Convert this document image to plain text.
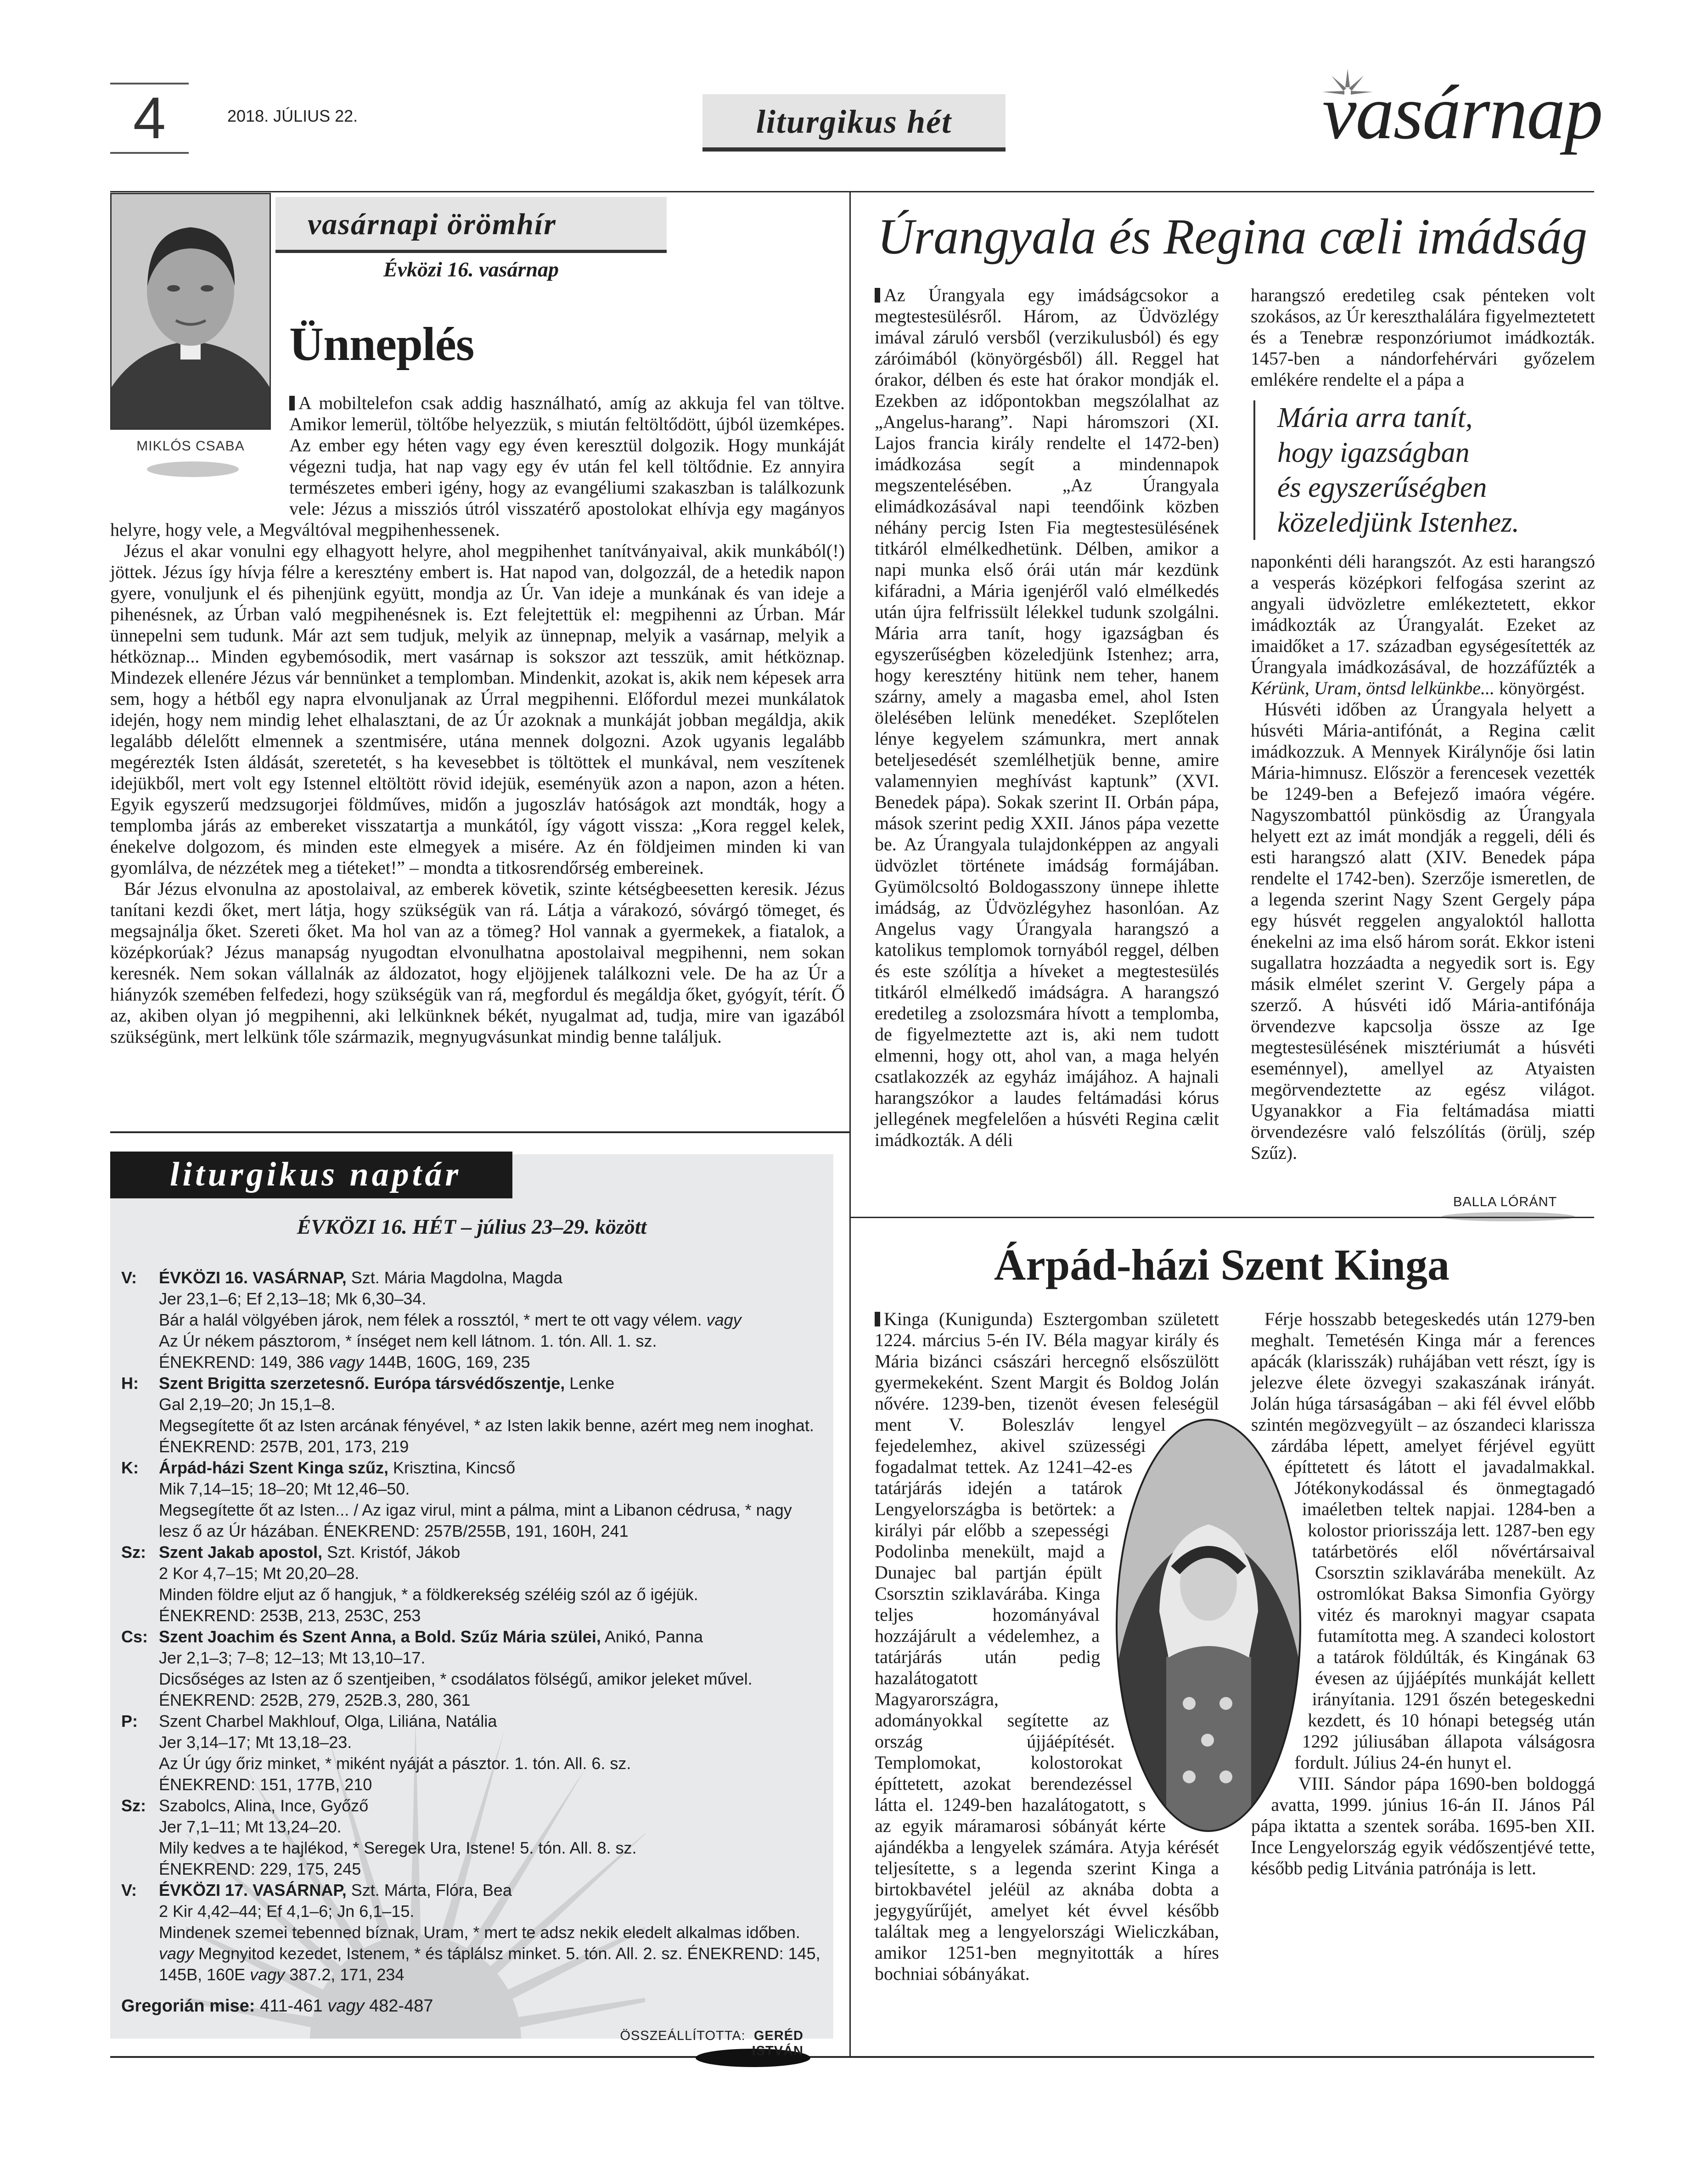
4	2018. JÚLIUS 22.	liturgikus hét	vasárnap
MIKLÓS CSABA
vasárnapi örömhír
Évközi 16. vasárnap
Ünneplés

A mobiltelefon csak addig használható, amíg az akkuja fel van töltve. Amikor lemerül, töltőbe helyezzük, s miután feltöltődött, újból üzemképes. Az ember egy héten vagy egy éven keresztül dolgozik. Hogy munkáját végezni tudja, hat nap vagy egy év után fel kell töltődnie. Ez annyira természetes emberi igény, hogy az evangéliumi szakaszban is találkozunk vele: Jézus a missziós útról visszatérő apostolokat elhívja egy magányos helyre, hogy vele, a Megváltóval megpihenhessenek.

Jézus el akar vonulni egy elhagyott helyre, ahol megpihenhet tanítványaival, akik munkából(!) jöttek. Jézus így hívja félre a keresztény embert is. Hat napod van, dolgozzál, de a hetedik napon gyere, vonuljunk el és pihenjünk együtt, mondja az Úr. Van ideje a munkának és van ideje a pihenésnek, az Úrban való megpihenésnek is. Ezt felejtettük el: megpihenni az Úrban. Már ünnepelni sem tudunk. Már azt sem tudjuk, melyik az ünnepnap, melyik a vasárnap, melyik a hétköznap... Minden egybemósodik, mert vasárnap is sokszor azt tesszük, amit hétköznap. Mindezek ellenére Jézus vár bennünket a templomban. Mindenkit, azokat is, akik nem képesek arra sem, hogy a hétből egy napra elvonuljanak az Úrral megpihenni. Előfordul mezei munkálatok idején, hogy nem mindig lehet elhalasztani, de az Úr azoknak a munkáját jobban megáldja, akik legalább délelőtt elmennek a szentmisére, utána mennek dolgozni. Azok ugyanis legalább megérezték Isten áldását, szeretetét, s ha kevesebbet is töltöttek el munkával, nem veszítenek idejükből, mert volt egy Istennel eltöltött rövid idejük, eseményük azon a napon, azon a héten. Egyik egyszerű medzsugorjei földműves, midőn a jugoszláv hatóságok azt mondták, hogy a templomba járás az embereket visszatartja a munkától, így vágott vissza: „Kora reggel kelek, énekelve dolgozom, és minden este elmegyek a misére. Az én földjeimen minden ki van gyomlálva, de nézzétek meg a tiéteket!” – mondta a titkosrendőrség embereinek.

Bár Jézus elvonulna az apostolaival, az emberek követik, szinte kétségbeesetten keresik. Jézus tanítani kezdi őket, mert látja, hogy szükségük van rá. Látja a várakozó, sóvárgó tömeget, és megsajnálja őket. Szereti őket. Ma hol van az a tömeg? Hol vannak a gyermekek, a fiatalok, a középkorúak? Jézus manapság nyugodtan elvonulhatna apostolaival megpihenni, nem sokan keresnék. Nem sokan vállalnák az áldozatot, hogy eljöjjenek találkozni vele. De ha az Úr a hiányzók szemében felfedezi, hogy szükségük van rá, megfordul és megáldja őket, gyógyít, térít. Ő az, akiben olyan jó megpihenni, aki lelkünknek békét, nyugalmat ad, tudja, mire van igazából szükségünk, mert lelkünk tőle származik, megnyugvásunkat mindig benne találjuk.

liturgikus naptár
ÉVKÖZI 16. HÉT – július 23–29. között
V:	ÉVKÖZI 16. VASÁRNAP, Szt. Mária Magdolna, Magda
Jer 23,1–6; Ef 2,13–18; Mk 6,30–34.
Bár a halál völgyében járok, nem félek a rossztól, * mert te ott vagy vélem. vagy
Az Úr nékem pásztorom, * ínséget nem kell látnom. 1. tón. All. 1. sz.
ÉNEKREND: 149, 386 vagy 144B, 160G, 169, 235
H:	Szent Brigitta szerzetesnő. Európa társvédőszentje, Lenke
Gal 2,19–20; Jn 15,1–8.
Megsegítette őt az Isten arcának fényével, * az Isten lakik benne, azért meg nem inoghat. ÉNEKREND: 257B, 201, 173, 219
K:	Árpád-házi Szent Kinga szűz, Krisztina, Kincső
Mik 7,14–15; 18–20; Mt 12,46–50.
Megsegítette őt az Isten... / Az igaz virul, mint a pálma, mint a Libanon cédrusa, * nagy lesz ő az Úr házában. ÉNEKREND: 257B/255B, 191, 160H, 241
Sz: Szent Jakab apostol, Szt. Kristóf, Jákob
2 Kor 4,7–15; Mt 20,20–28.
Minden földre eljut az ő hangjuk, * a földkerekség széléig szól az ő igéjük.
ÉNEKREND: 253B, 213, 253C, 253
Cs: Szent Joachim és Szent Anna, a Bold. Szűz Mária szülei, Anikó, Panna
Jer 2,1–3; 7–8; 12–13; Mt 13,10–17.
Dicsőséges az Isten az ő szentjeiben, * csodálatos fölségű, amikor jeleket művel. ÉNEKREND: 252B, 279, 252B.3, 280, 361
P:	Szent Charbel Makhlouf, Olga, Liliána, Natália
Jer 3,14–17; Mt 13,18–23.
Az Úr úgy őriz minket, * miként nyáját a pásztor. 1. tón. All. 6. sz.
ÉNEKREND: 151, 177B, 210
Sz: Szabolcs, Alina, Ince, Győző
Jer 7,1–11; Mt 13,24–20.
Mily kedves a te hajlékod, * Seregek Ura, Istene! 5. tón. All. 8. sz.
ÉNEKREND: 229, 175, 245
V:	ÉVKÖZI 17. VASÁRNAP, Szt. Márta, Flóra, Bea
2 Kir 4,42–44; Ef 4,1–6; Jn 6,1–15.
Mindenek szemei tebenned bíznak, Uram, * mert te adsz nekik eledelt alkalmas időben. vagy Megnyitod kezedet, Istenem, * és táplálsz minket. 5. tón. All. 2. sz. ÉNEKREND: 145, 145B, 160E vagy 387.2, 171, 234
Gregorián mise: 411-461 vagy 482-487
ÖSSZEÁLLÍTOTTA: GERÉD ISTVÁN
Úrangyala és Regina cæli imádság

Az Úrangyala egy imádságcsokor a megtestesülésről. Három, az Üdvözlégy imával záruló versből (verzikulusból) és egy záróimából (könyörgésből) áll. Reggel hat órakor, délben és este hat órakor mondják el. Ezekben az időpontokban megszólalhat az „Angelus-harang”. Napi háromszori (XI. Lajos francia király rendelte el 1472-ben) imádkozása segít a mindennapok megszentelésében. „Az Úrangyala elimádkozásával napi teendőink közben néhány percig Isten Fia megtestesülésének titkáról elmélkedhetünk. Délben, amikor a napi munka első órái után már kezdünk kifáradni, a Mária igenjéről való elmélkedés után újra felfrissült lélekkel tudunk szolgálni. Mária arra tanít, hogy igazságban és egyszerűségben közeledjünk Istenhez; arra, hogy keresztény hitünk nem teher, hanem szárny, amely a magasba emel, ahol Isten ölelésében lelünk menedéket. Szeplőtelen lénye kegyelem számunkra, mert annak beteljesedését szemlélhetjük benne, amire valamennyien meghívást kaptunk” (XVI. Benedek pápa). Sokak szerint II. Orbán pápa, mások szerint pedig XXII. János pápa vezette be. Az Úrangyala tulajdonképpen az angyali üdvözlet története imádság formájában. Gyümölcsoltó Boldogasszony ünnepe ihlette imádság, az Üdvözlégyhez hasonlóan. Az Angelus vagy Úrangyala harangszó a katolikus templomok tornyából reggel, délben és este szólítja a híveket a megtestesülés titkáról elmélkedő imádságra. A harangszó eredetileg a zsolozsmára hívott a templomba, de figyelmeztette azt is, aki nem tudott elmenni, hogy ott, ahol van, a maga helyén csatlakozzék az egyház imájához. A hajnali harangszókor a laudes feltámadási kórus jellegének megfelelően a húsvéti Regina cælit imádkozták. A déli

harangszó eredetileg csak pénteken volt szokásos, az Úr kereszthalálára figyelmeztetett és a Tenebræ responzóriumot imádkozták. 1457-ben a nándorfehérvári győzelem emlékére rendelte el a pápa a

Mária arra tanít,
hogy igazságban
és egyszerűségben
közeledjünk Istenhez.

naponkénti déli harangszót. Az esti harangszó a vesperás középkori felfogása szerint az angyali üdvözletre emlékeztetett, ekkor imádkozták az Úrangyalát. Ezeket az imaidőket a 17. században egységesítették az Úrangyala imádkozásával, de hozzáfűzték a Kérünk, Uram, öntsd lelkünkbe... könyörgést.

Húsvéti időben az Úrangyala helyett a húsvéti Mária-antifónát, a Regina cælit imádkozzuk. A Mennyek Királynője ősi latin Mária-himnusz. Először a ferencesek vezették be 1249-ben a Befejező imaóra végére. Nagyszombattól pünkösdig az Úrangyala helyett ezt az imát mondják a reggeli, déli és esti harangszó alatt (XIV. Benedek pápa rendelte el 1742-ben). Szerzője ismeretlen, de a legenda szerint Nagy Szent Gergely pápa egy húsvét reggelen angyaloktól hallotta énekelni az ima első három sorát. Ekkor isteni sugallatra hozzáadta a negyedik sort is. Egy másik elmélet szerint V. Gergely pápa a szerző. A húsvéti idő Mária-antifónája örvendezve kapcsolja össze az Ige megtestesülésének misztériumát a húsvéti eseménnyel), amellyel az Atyaisten megörvendeztette az egész világot. Ugyanakkor a Fia feltámadása miatti örvendezésre való felszólítás (örülj, szép Szűz).

BALLA LÓRÁNT
Árpád-házi Szent Kinga

Kinga (Kunigunda) Esztergomban született 1224. március 5-én IV. Béla magyar király és Mária bizánci császári hercegnő elsőszülött gyermekeként. Szent Margit és Boldog Jolán nővére. 1239-ben, tizenöt évesen feleségül ment V. Boleszláv lengyel fejedelemhez, akivel szüzességi fogadalmat tettek. Az 1241–42-es tatárjárás idején a tatárok Lengyelországba is betörtek: a királyi pár előbb a szepességi Podolinba menekült, majd a Dunajec bal partján épült Csorsztin sziklavárába. Kinga teljes hozományával hozzájárult a védelemhez, a tatárjárás után pedig hazalátogatott Magyarországra, adományokkal segítette az ország újjáépítését. Templomokat, kolostorokat építtetett, azokat berendezéssel látta el. 1249-ben hazalátogatott, s az egyik máramarosi sóbányát kérte ajándékba a lengyelek számára. Atyja kérését teljesítette, s a legenda szerint Kinga a birtokbavétel jeléül az aknába dobta a jegygyűrűjét, amelyet két évvel később találtak meg a lengyelországi Wieliczkában, amikor 1251-ben megnyitották a híres bochniai sóbányákat.

Férje hosszabb betegeskedés után 1279-ben meghalt. Temetésén Kinga már a ferences apácák (klarisszák) ruhájában vett részt, így is jelezve élete özvegyi szakaszának irányát. Jolán húga társaságában – aki fél évvel előbb szintén megözvegyült – az ószandeci klarissza zárdába lépett, amelyet férjével együtt építtetett és látott el javadalmakkal. Jótékonykodással és önmegtagadó imaéletben teltek napjai. 1284-ben a kolostor priorisszája lett. 1287-ben egy tatárbetörés elől nővértársaival Csorsztin sziklavárába menekült. Az ostromlókat Baksa Simonfia György vitéz és maroknyi magyar csapata futamította meg. A szandeci kolostort a tatárok földúlták, és Kingának 63 évesen az újjáépítés munkáját kellett irányítania. 1291 őszén betegeskedni kezdett, és 10 hónapi betegség után 1292 júliusában állapota válságosra fordult. Július 24-én hunyt el.

VIII. Sándor pápa 1690-ben boldoggá avatta, 1999. június 16-án II. János Pál pápa iktatta a szentek sorába. 1695-ben XII. Ince Lengyelország egyik védőszentjévé tette, később pedig Litvánia patrónája is lett.
